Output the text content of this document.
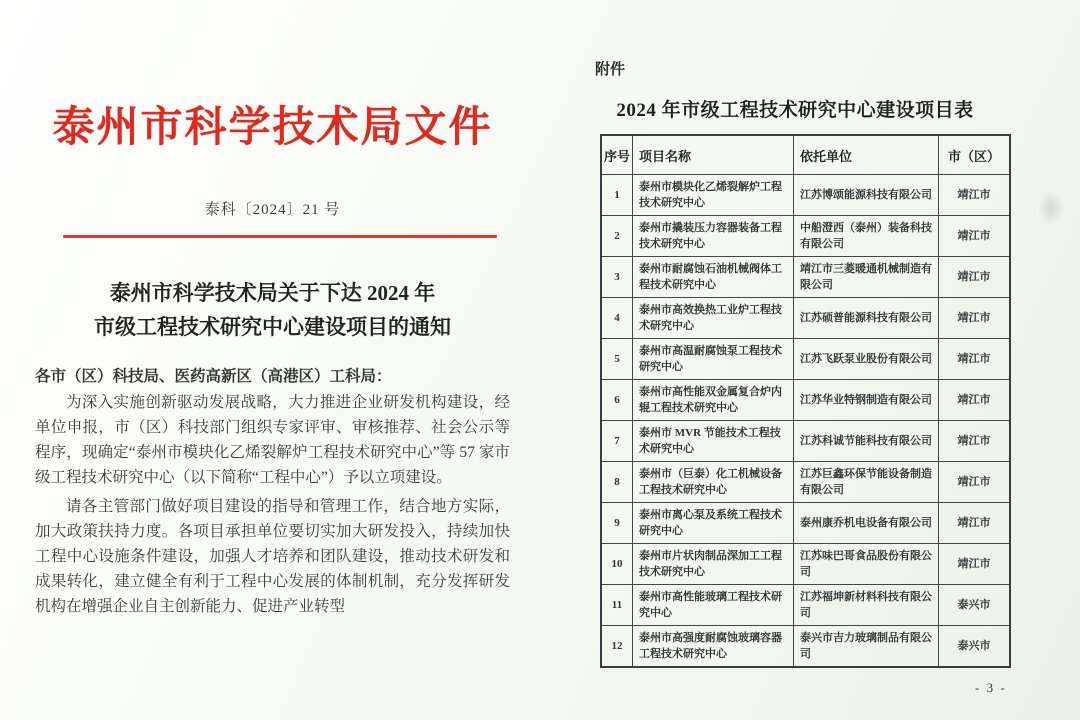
泰州市科学技术局文件
泰科〔2024〕21 号
泰州市科学技术局关于下达 2024 年
市级工程技术研究中心建设项目的通知
各市（区）科技局、医药高新区（高港区）工科局：

为深入实施创新驱动发展战略，大力推进企业研发机构建设，经单位申报，市（区）科技部门组织专家评审、审核推荐、社会公示等程序，现确定“泰州市模块化乙烯裂解炉工程技术研究中心”等 57 家市级工程技术研究中心（以下简称“工程中心”）予以立项建设。

请各主管部门做好项目建设的指导和管理工作，结合地方实际，加大政策扶持力度。各项目承担单位要切实加大研发投入，持续加快工程中心设施条件建设，加强人才培养和团队建设，推动技术研发和成果转化，建立健全有利于工程中心发展的体制机制，充分发挥研发机构在增强企业自主创新能力、促进产业转型

附件
2024 年市级工程技术研究中心建设项目表
序号	项目名称	依托单位	市（区）
1	泰州市模块化乙烯裂解炉工程技术研究中心	江苏博颂能源科技有限公司	靖江市
2	泰州市撬装压力容器装备工程技术研究中心	中船澄西（泰州）装备科技有限公司	靖江市
3	泰州市耐腐蚀石油机械阀体工程技术研究中心	靖江市三菱暖通机械制造有限公司	靖江市
4	泰州市高效换热工业炉工程技术研究中心	江苏硕普能源科技有限公司	靖江市
5	泰州市高温耐腐蚀泵工程技术研究中心	江苏飞跃泵业股份有限公司	靖江市
6	泰州市高性能双金属复合炉内辊工程技术研究中心	江苏华业特钢制造有限公司	靖江市
7	泰州市 MVR 节能技术工程技术研究中心	江苏科诚节能科技有限公司	靖江市
8	泰州市（巨泰）化工机械设备工程技术研究中心	江苏巨鑫环保节能设备制造有限公司	靖江市
9	泰州市离心泵及系统工程技术研究中心	泰州康乔机电设备有限公司	靖江市
10	泰州市片状肉制品深加工工程技术研究中心	江苏味巴哥食品股份有限公司	靖江市
11	泰州市高性能玻璃工程技术研究中心	江苏福坤新材料科技有限公司	泰兴市
12	泰州市高强度耐腐蚀玻璃容器工程技术研究中心	泰兴市吉力玻璃制品有限公司	泰兴市
- 3 -
